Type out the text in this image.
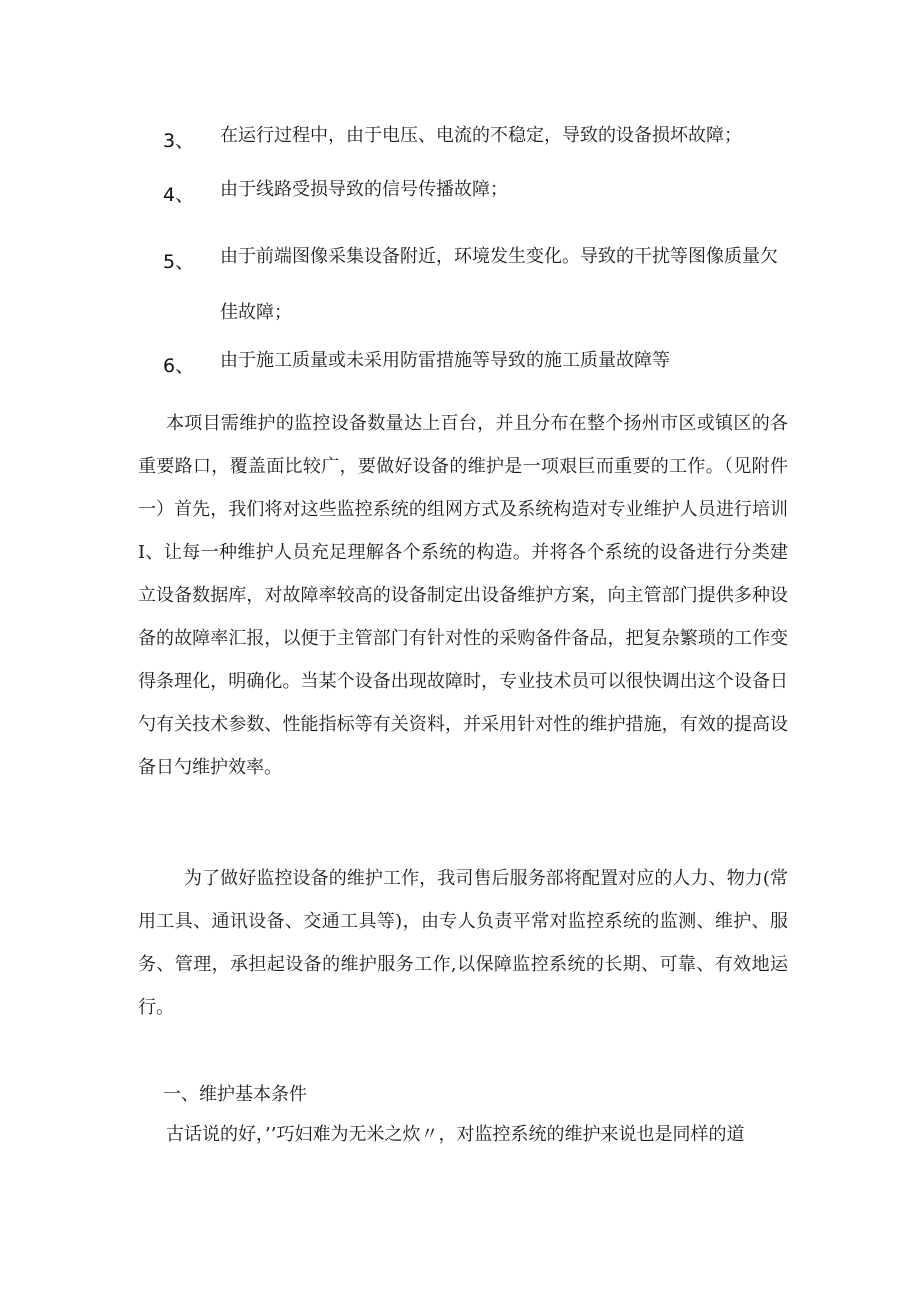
3、 在运行过程中，由于电压、电流的不稳定，导致的设备损坏故障；
4、 由于线路受损导致的信号传播故障；
5、 由于前端图像采集设备附近，环境发生变化。导致的干扰等图像质量欠佳故障；
6、 由于施工质量或未采用防雷措施等导致的施工质量故障等

本项目需维护的监控设备数量达上百台，并且分布在整个扬州市区或镇区的各重要路口，覆盖面比较广，要做好设备的维护是一项艰巨而重要的工作。（见附件一）首先，我们将对这些监控系统的组网方式及系统构造对专业维护人员进行培训I、让每一种维护人员充足理解各个系统的构造。并将各个系统的设备进行分类建立设备数据库，对故障率较高的设备制定出设备维护方案，向主管部门提供多种设备的故障率汇报，以便于主管部门有针对性的采购备件备品，把复杂繁琐的工作变得条理化，明确化。当某个设备出现故障时，专业技术员可以很快调出这个设备日勺有关技术参数、性能指标等有关资料，并采用针对性的维护措施，有效的提高设备日勺维护效率。

为了做好监控设备的维护工作，我司售后服务部将配置对应的人力、物力(常用工具、通讯设备、交通工具等)，由专人负责平常对监控系统的监测、维护、服务、管理，承担起设备的维护服务工作,以保障监控系统的长期、可靠、有效地运行。

一、维护基本条件

古话说的好，’’巧妇难为无米之炊〃，对监控系统的维护来说也是同样的道
